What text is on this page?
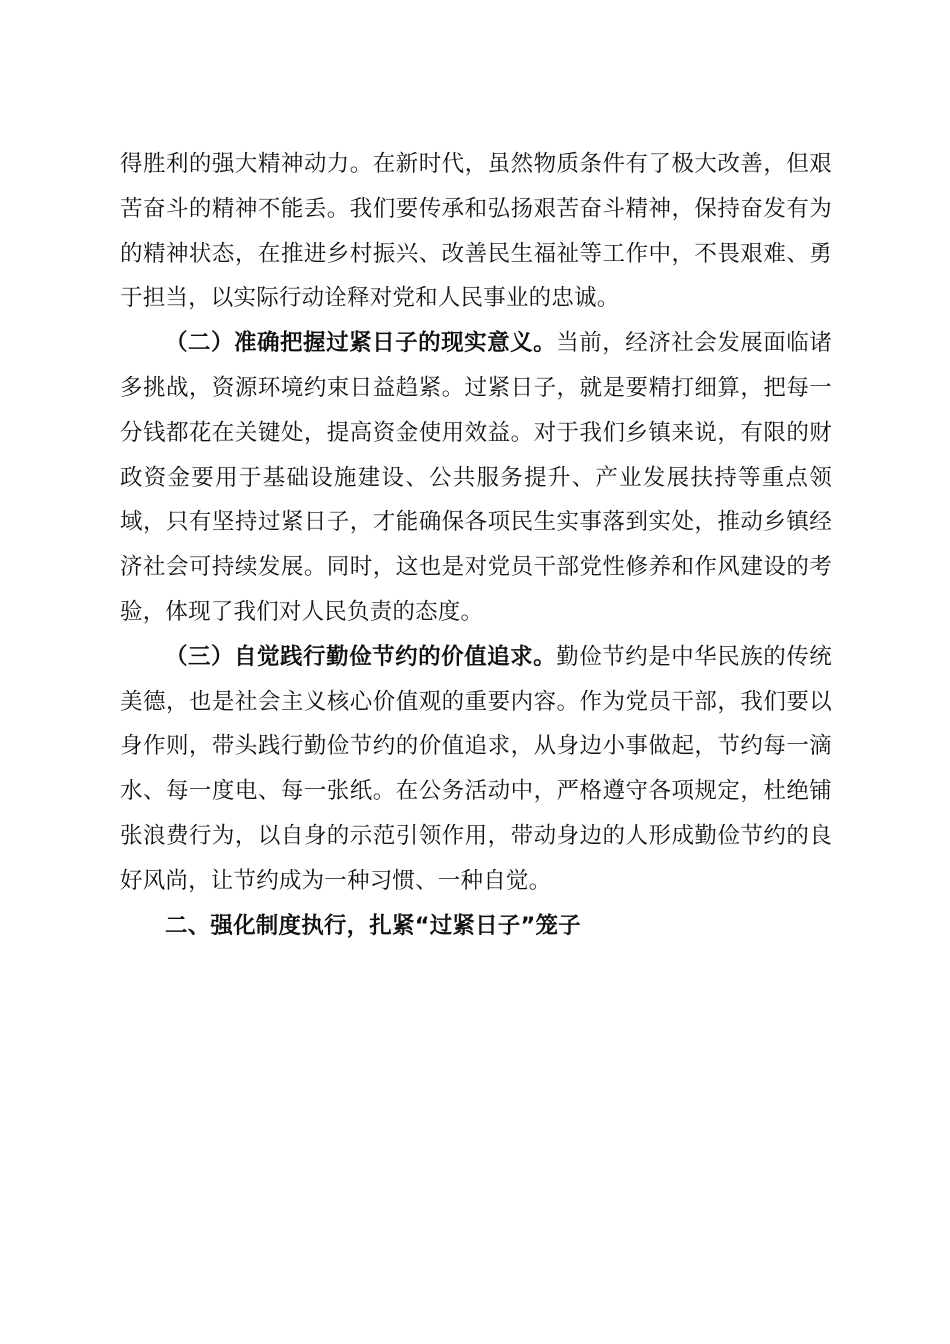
得胜利的强大精神动力。在新时代，虽然物质条件有了极大改善，但艰苦奋斗的精神不能丢。我们要传承和弘扬艰苦奋斗精神，保持奋发有为的精神状态，在推进乡村振兴、改善民生福祉等工作中，不畏艰难、勇于担当，以实际行动诠释对党和人民事业的忠诚。

（二）准确把握过紧日子的现实意义。当前，经济社会发展面临诸多挑战，资源环境约束日益趋紧。过紧日子，就是要精打细算，把每一分钱都花在关键处，提高资金使用效益。对于我们乡镇来说，有限的财政资金要用于基础设施建设、公共服务提升、产业发展扶持等重点领域，只有坚持过紧日子，才能确保各项民生实事落到实处，推动乡镇经济社会可持续发展。同时，这也是对党员干部党性修养和作风建设的考验，体现了我们对人民负责的态度。

（三）自觉践行勤俭节约的价值追求。勤俭节约是中华民族的传统美德，也是社会主义核心价值观的重要内容。作为党员干部，我们要以身作则，带头践行勤俭节约的价值追求，从身边小事做起，节约每一滴水、每一度电、每一张纸。在公务活动中，严格遵守各项规定，杜绝铺张浪费行为，以自身的示范引领作用，带动身边的人形成勤俭节约的良好风尚，让节约成为一种习惯、一种自觉。

二、强化制度执行，扎紧“过紧日子”笼子
